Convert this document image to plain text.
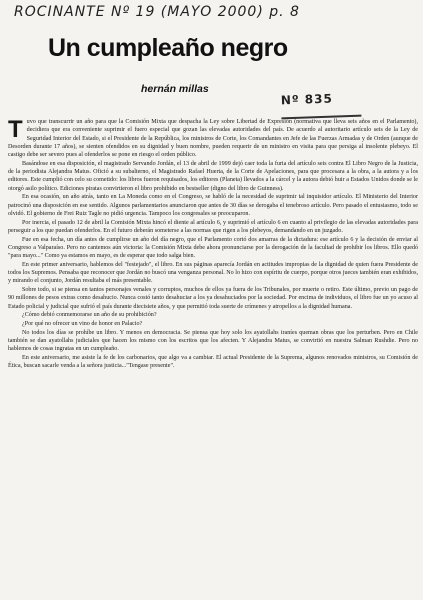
ROCINANTE Nº 19 (MAYO 2000) p. 8
Un cumpleaño negro
hernán millas
Nº 835

Tuvo que transcurrir un año para que la Comisión Mixta que despacha la Ley sobre Libertad de Expresión (normativa que lleva seis años en el Parlamento), decidiera que era conveniente suprimir el fuero especial que gozan las elevadas autoridades del país. De acuerdo al autoritario artículo seis de la Ley de Seguridad Interior del Estado, si el Presidente de la República, los ministros de Corte, los Comandantes en Jefe de las Fuerzas Armadas y de Orden (aunque de Desorden durante 17 años), se sienten ofendidos en su dignidad y buen nombre, pueden requerir de un ministro en visita para que persiga al insolente plebeyo. El castigo debe ser severo pues al ofenderlos se pone en riesgo el orden público.

Basándose en esa disposición, el magistrado Servando Jordán, el 13 de abril de 1999 dejó caer toda la furia del artículo seis contra El Libro Negro de la Justicia, de la periodista Alejandra Matus. Ofició a su subalterno, el Magistrado Rafael Huerta, de la Corte de Apelaciones, para que procesara a la obra, a la autora y a los editores. Este cumplió con celo su cometido: los libros fueron requisados, los editores (Planeta) llevados a la cárcel y la autora debió huir a Estados Unidos donde se le otorgó asilo político. Ediciones piratas convirtieron el libro prohibido en bestseller (digno del libro de Guinness).

En esa ocasión, un año atrás, tanto en La Moneda como en el Congreso, se habló de la necesidad de suprimir tal inquisidor artículo. El Ministerio del Interior patrocinó una disposición en ese sentido. Algunos parlamentarios anunciaron que antes de 30 días se derogaba el tenebroso artículo. Pero pasado el entusiasmo, todo se olvidó. El gobierno de Frei Ruiz Tagle no pidió urgencia. Tampoco los congresales se preocuparon.

Por inercia, el pasado 12 de abril la Comisión Mixta hincó el diente al artículo 6, y suprimió el artículo 6 en cuanto al privilegio de las elevadas autoridades para perseguir a los que puedan ofenderlos. En el futuro deberán someterse a las normas que rigen a los plebeyos, demandando en un juzgado.

Fue en esa fecha, un día antes de cumplirse un año del día negro, que el Parlamento cortó dos amarras de la dictadura: ese artículo 6 y la decisión de enviar al Congreso a Valparaíso. Pero no cantemos aún victoria: la Comisión Mixta debe ahora pronunciarse por la derogación de la facultad de prohibir los libros. Ello quedó "para mayo..." Como ya estamos en mayo, es de esperar que todo salga bien.

En este primer aniversario, hablemos del "festejado", el libro. En sus páginas aparecía Jordán en actitudes impropias de la dignidad de quien fuera Presidente de todos los Supremos. Pensaba que reconocer que Jordán no buscó una venganza personal. No lo hizo con espíritu de cuerpo, porque otros jueces también eran exhibidos, y mirando el conjunto, Jordán resultaba el más presentable.

Sobre todo, si se piensa en tantos personajes venales y corruptos, muchos de ellos ya fuera de los Tribunales, por muerte o retiro. Este último, previo un pago de 90 millones de pesos extras como desahucio. Nunca costó tanto desahuciar a los ya desahuciados por la sociedad. Por encima de individuos, el libro fue un yo acuso al Estado policial y judicial que sufrió el país durante diecisiete años, y que permitió toda suerte de crímenes y atropellos a la dignidad humana.

¿Cómo debió conmemorarse un año de su prohibición?

¿Por qué no ofrecer un vino de honor en Palacio?

No todos los días se prohíbe un libro. Y menos en democracia. Se piensa que hoy solo los ayatollahs iraníes queman obras que los perturben. Pero en Chile también se dan ayatollahs judiciales que hacen los mismo con los escritos que los afecten. Y Alejandra Matus, se convirtió en nuestra Salman Rushdie. Pero no hablemos de cosas ingratas en un cumpleaño.

En este aniversario, me asiste la fe de los carbonarios, que algo va a cambiar. El actual Presidente de la Suprema, algunos renovados ministros, su Comisión de Ética, buscan sacarle venda a la señora justicia..."Tengase presente".
